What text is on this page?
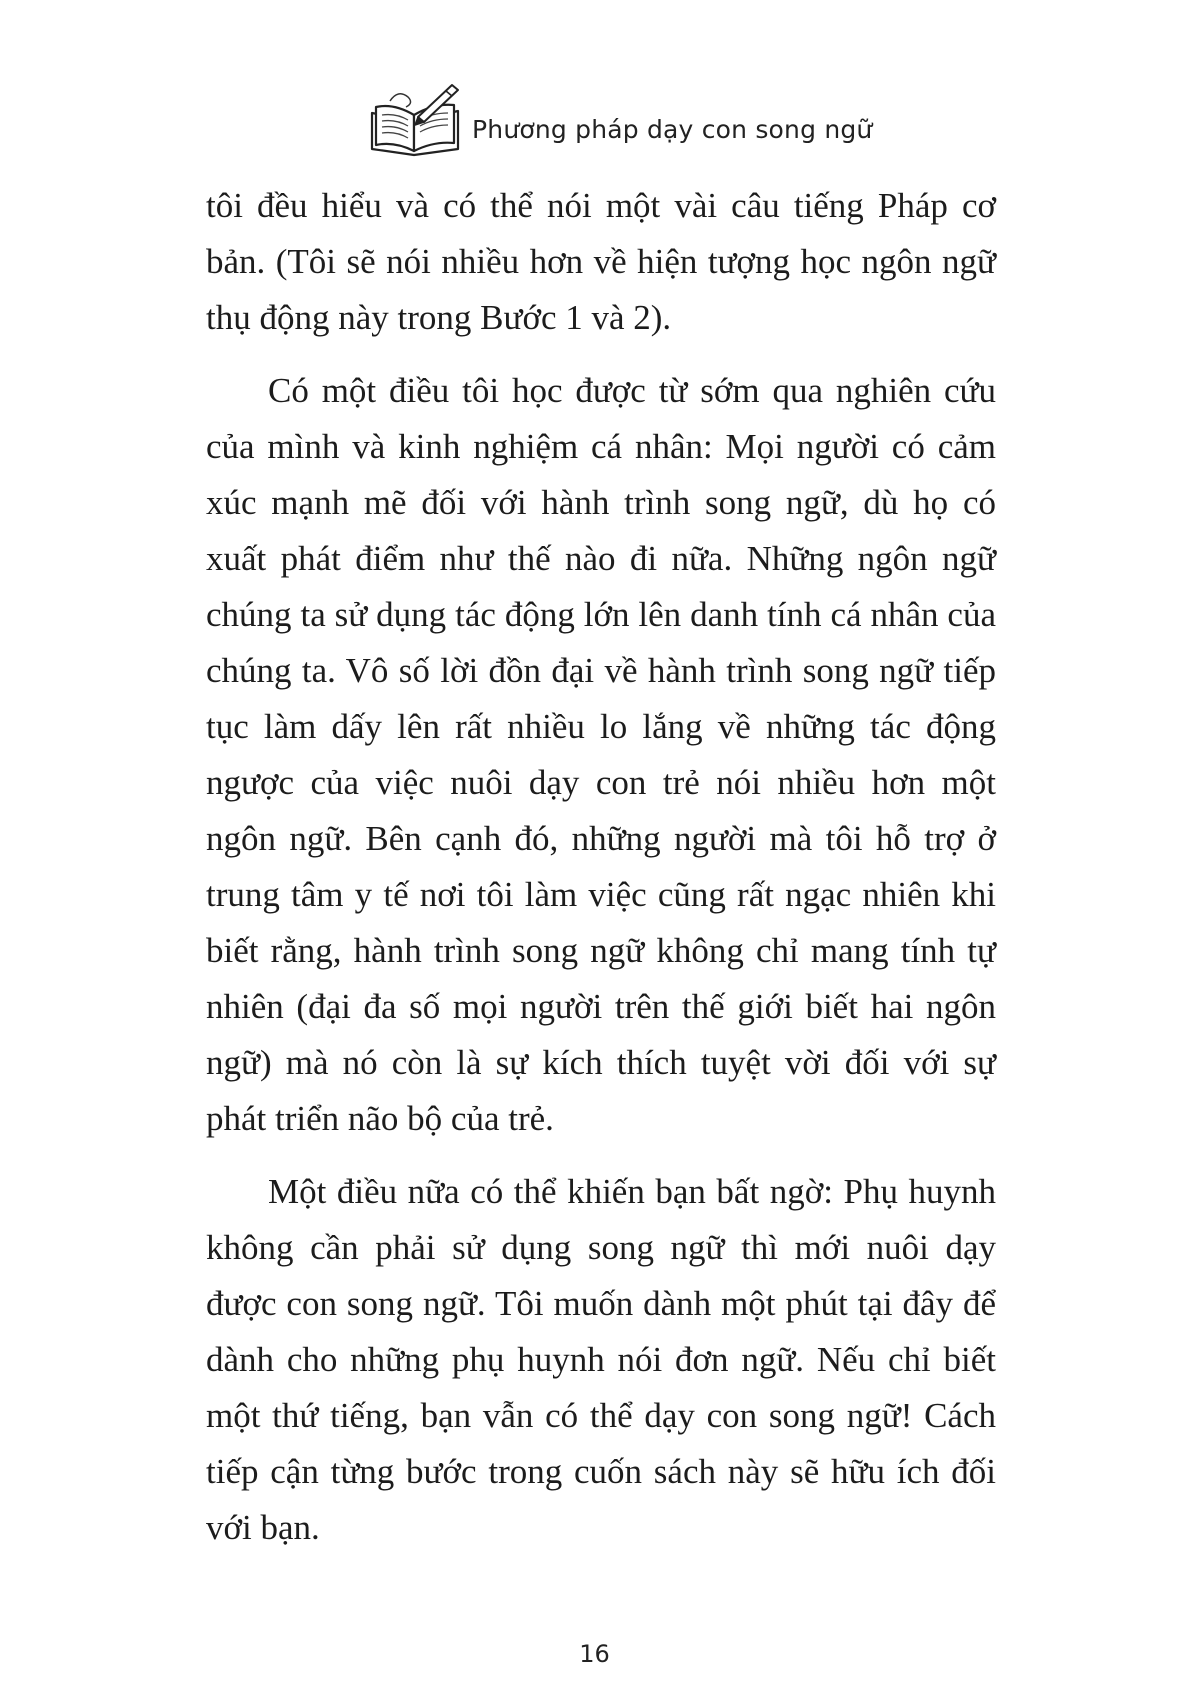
Phương pháp dạy con song ngữ

tôi đều hiểu và có thể nói một vài câu tiếng Pháp cơ bản. (Tôi sẽ nói nhiều hơn về hiện tượng học ngôn ngữ thụ động này trong Bước 1 và 2).

Có một điều tôi học được từ sớm qua nghiên cứu của mình và kinh nghiệm cá nhân: Mọi người có cảm xúc mạnh mẽ đối với hành trình song ngữ, dù họ có xuất phát điểm như thế nào đi nữa. Những ngôn ngữ chúng ta sử dụng tác động lớn lên danh tính cá nhân của chúng ta. Vô số lời đồn đại về hành trình song ngữ tiếp tục làm dấy lên rất nhiều lo lắng về những tác động ngược của việc nuôi dạy con trẻ nói nhiều hơn một ngôn ngữ. Bên cạnh đó, những người mà tôi hỗ trợ ở trung tâm y tế nơi tôi làm việc cũng rất ngạc nhiên khi biết rằng, hành trình song ngữ không chỉ mang tính tự nhiên (đại đa số mọi người trên thế giới biết hai ngôn ngữ) mà nó còn là sự kích thích tuyệt vời đối với sự phát triển não bộ của trẻ.

Một điều nữa có thể khiến bạn bất ngờ: Phụ huynh không cần phải sử dụng song ngữ thì mới nuôi dạy được con song ngữ. Tôi muốn dành một phút tại đây để dành cho những phụ huynh nói đơn ngữ. Nếu chỉ biết một thứ tiếng, bạn vẫn có thể dạy con song ngữ! Cách tiếp cận từng bước trong cuốn sách này sẽ hữu ích đối với bạn.

16
